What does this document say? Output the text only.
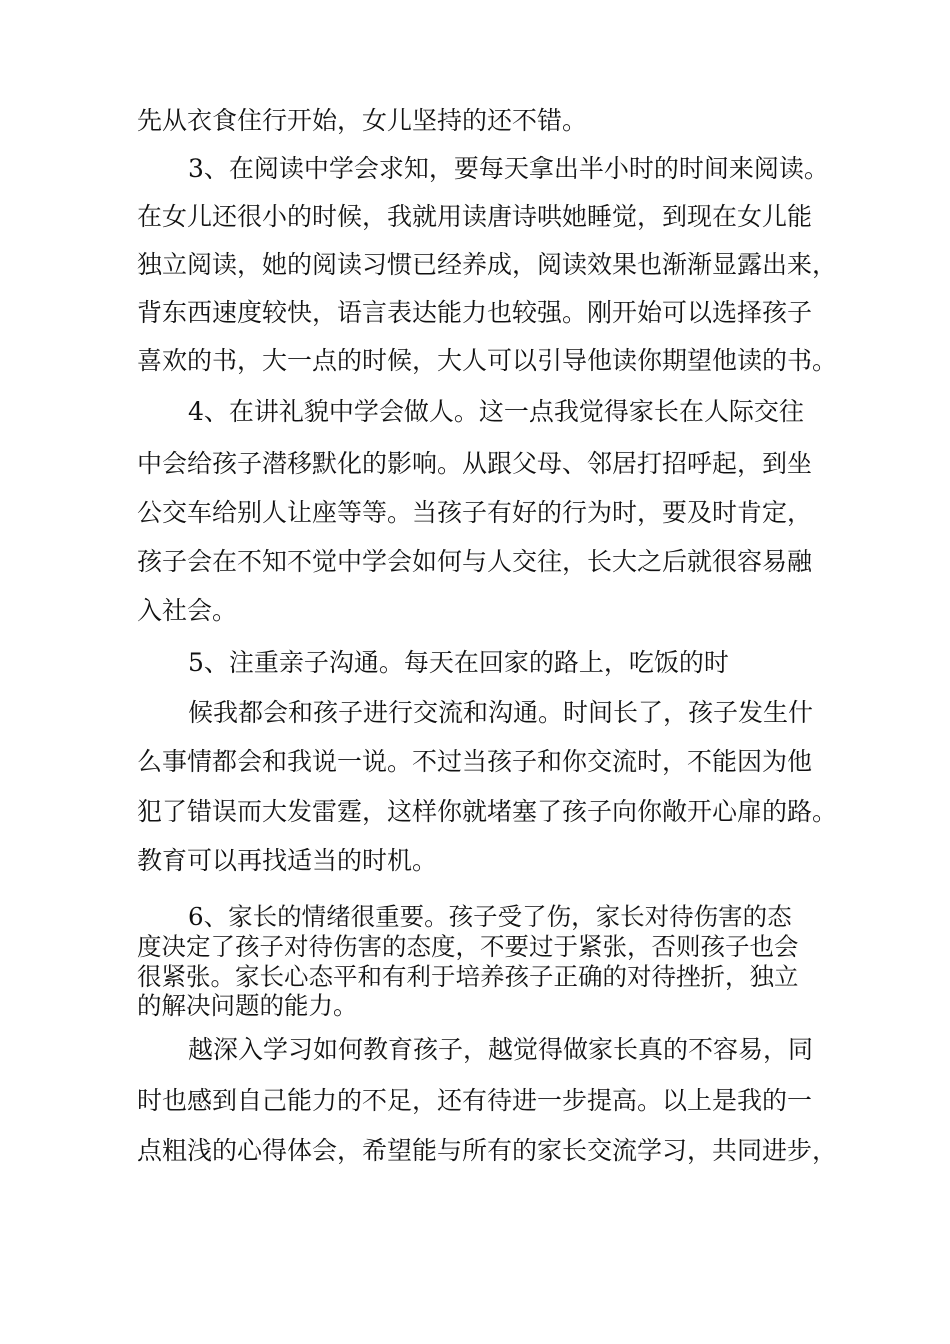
先从衣食住行开始，女儿坚持的还不错。
3、在阅读中学会求知，要每天拿出半小时的时间来阅读。
在女儿还很小的时候，我就用读唐诗哄她睡觉，到现在女儿能
独立阅读，她的阅读习惯已经养成，阅读效果也渐渐显露出来，
背东西速度较快，语言表达能力也较强。刚开始可以选择孩子
喜欢的书，大一点的时候，大人可以引导他读你期望他读的书。
4、在讲礼貌中学会做人。这一点我觉得家长在人际交往
中会给孩子潜移默化的影响。从跟父母、邻居打招呼起，到坐
公交车给别人让座等等。当孩子有好的行为时，要及时肯定，
孩子会在不知不觉中学会如何与人交往，长大之后就很容易融
入社会。
5、注重亲子沟通。每天在回家的路上，吃饭的时
候我都会和孩子进行交流和沟通。时间长了，孩子发生什
么事情都会和我说一说。不过当孩子和你交流时，不能因为他
犯了错误而大发雷霆，这样你就堵塞了孩子向你敞开心扉的路。
教育可以再找适当的时机。
6、家长的情绪很重要。孩子受了伤，家长对待伤害的态
度决定了孩子对待伤害的态度，不要过于紧张，否则孩子也会
很紧张。家长心态平和有利于培养孩子正确的对待挫折，独立
的解决问题的能力。
越深入学习如何教育孩子，越觉得做家长真的不容易，同
时也感到自己能力的不足，还有待进一步提高。以上是我的一
点粗浅的心得体会，希望能与所有的家长交流学习，共同进步，
